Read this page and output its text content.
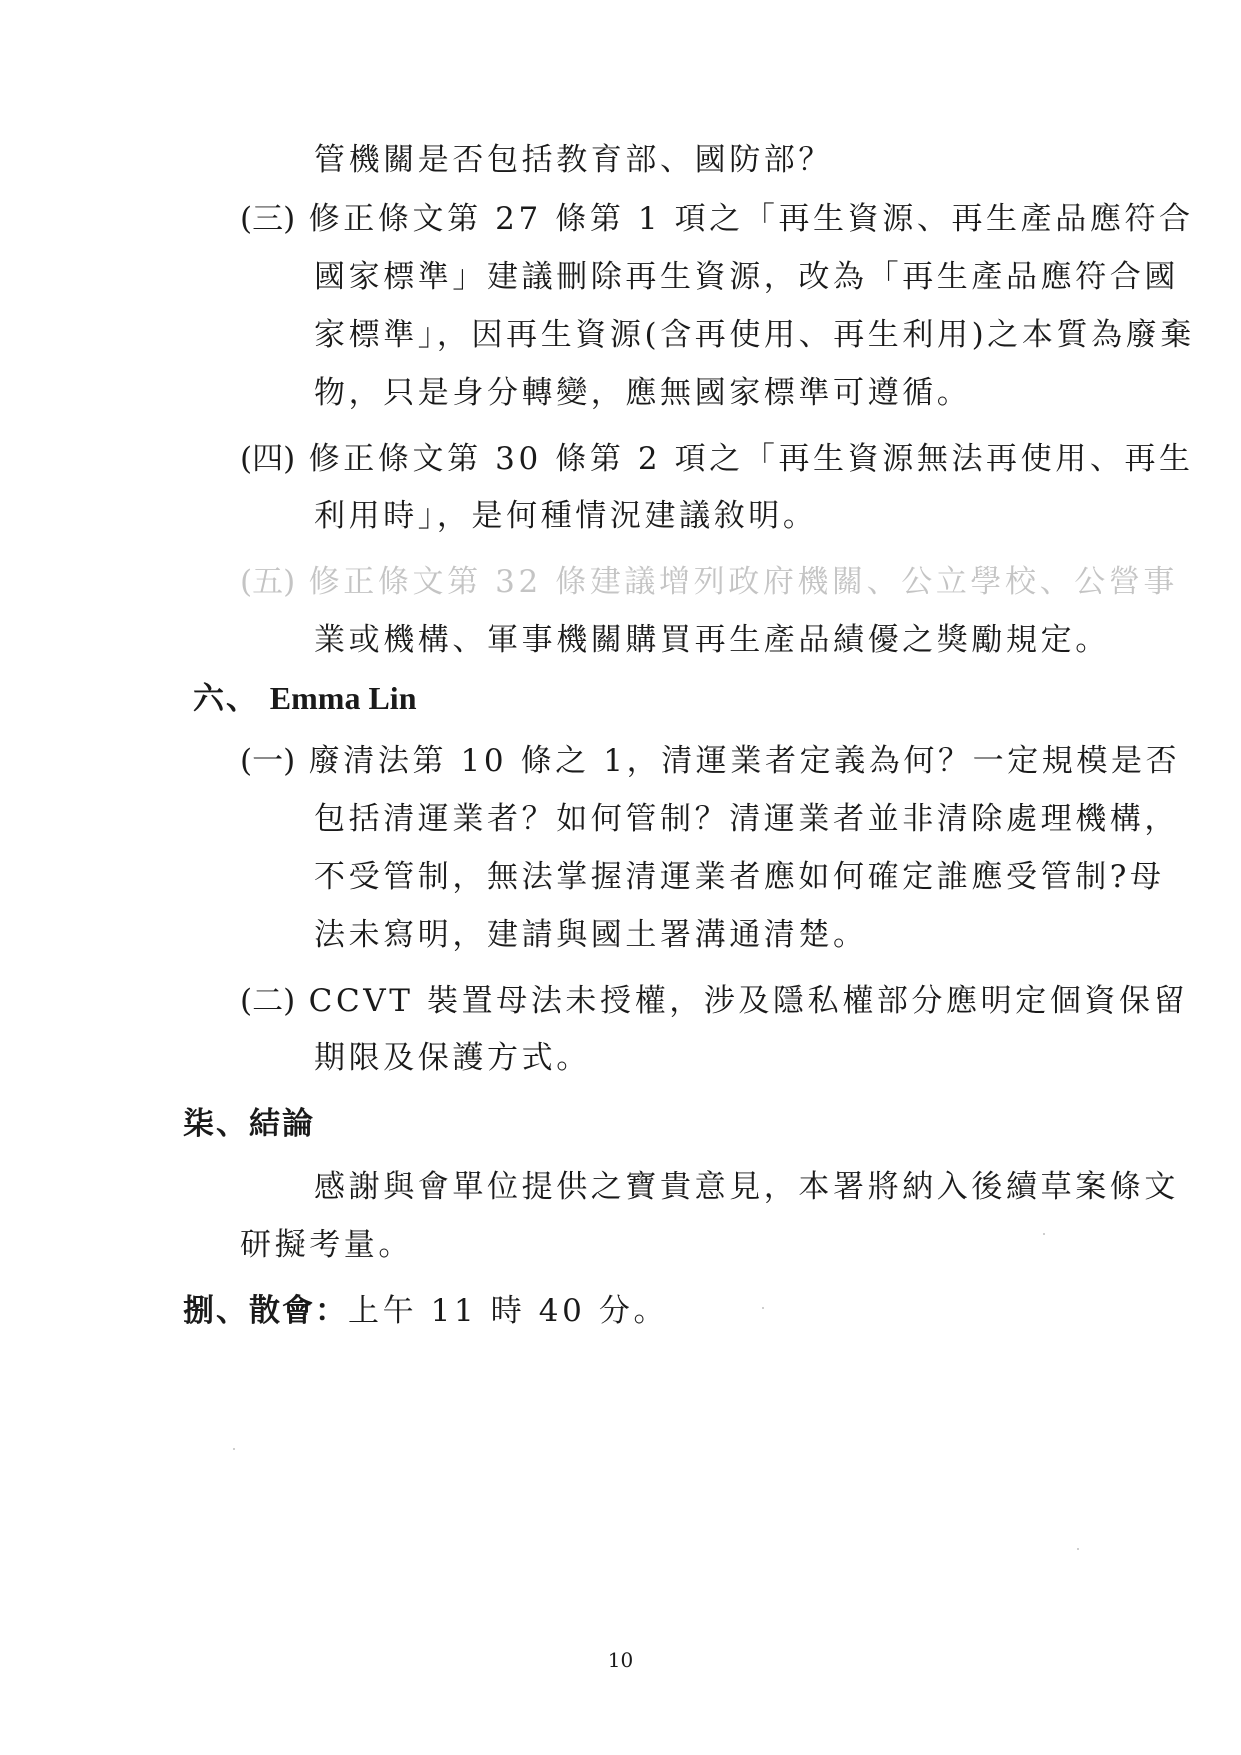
管機關是否包括教育部、國防部？
(三) 修正條文第 27 條第 1 項之「再生資源、再生產品應符合
國家標準」建議刪除再生資源，改為「再生產品應符合國
家標準」，因再生資源(含再使用、再生利用)之本質為廢棄
物，只是身分轉變，應無國家標準可遵循。
(四) 修正條文第 30 條第 2 項之「再生資源無法再使用、再生
利用時」，是何種情況建議敘明。
(五) 修正條文第 32 條建議增列政府機關、公立學校、公營事
業或機構、軍事機關購買再生產品績優之獎勵規定。
六、 Emma Lin
(一) 廢清法第 10 條之 1，清運業者定義為何？一定規模是否
包括清運業者？如何管制？清運業者並非清除處理機構，
不受管制，無法掌握清運業者應如何確定誰應受管制?母
法未寫明，建請與國土署溝通清楚。
(二) CCVT 裝置母法未授權，涉及隱私權部分應明定個資保留
期限及保護方式。
柒、結論
感謝與會單位提供之寶貴意見，本署將納入後續草案條文
研擬考量。
捌、散會：上午 11 時 40 分。
10
